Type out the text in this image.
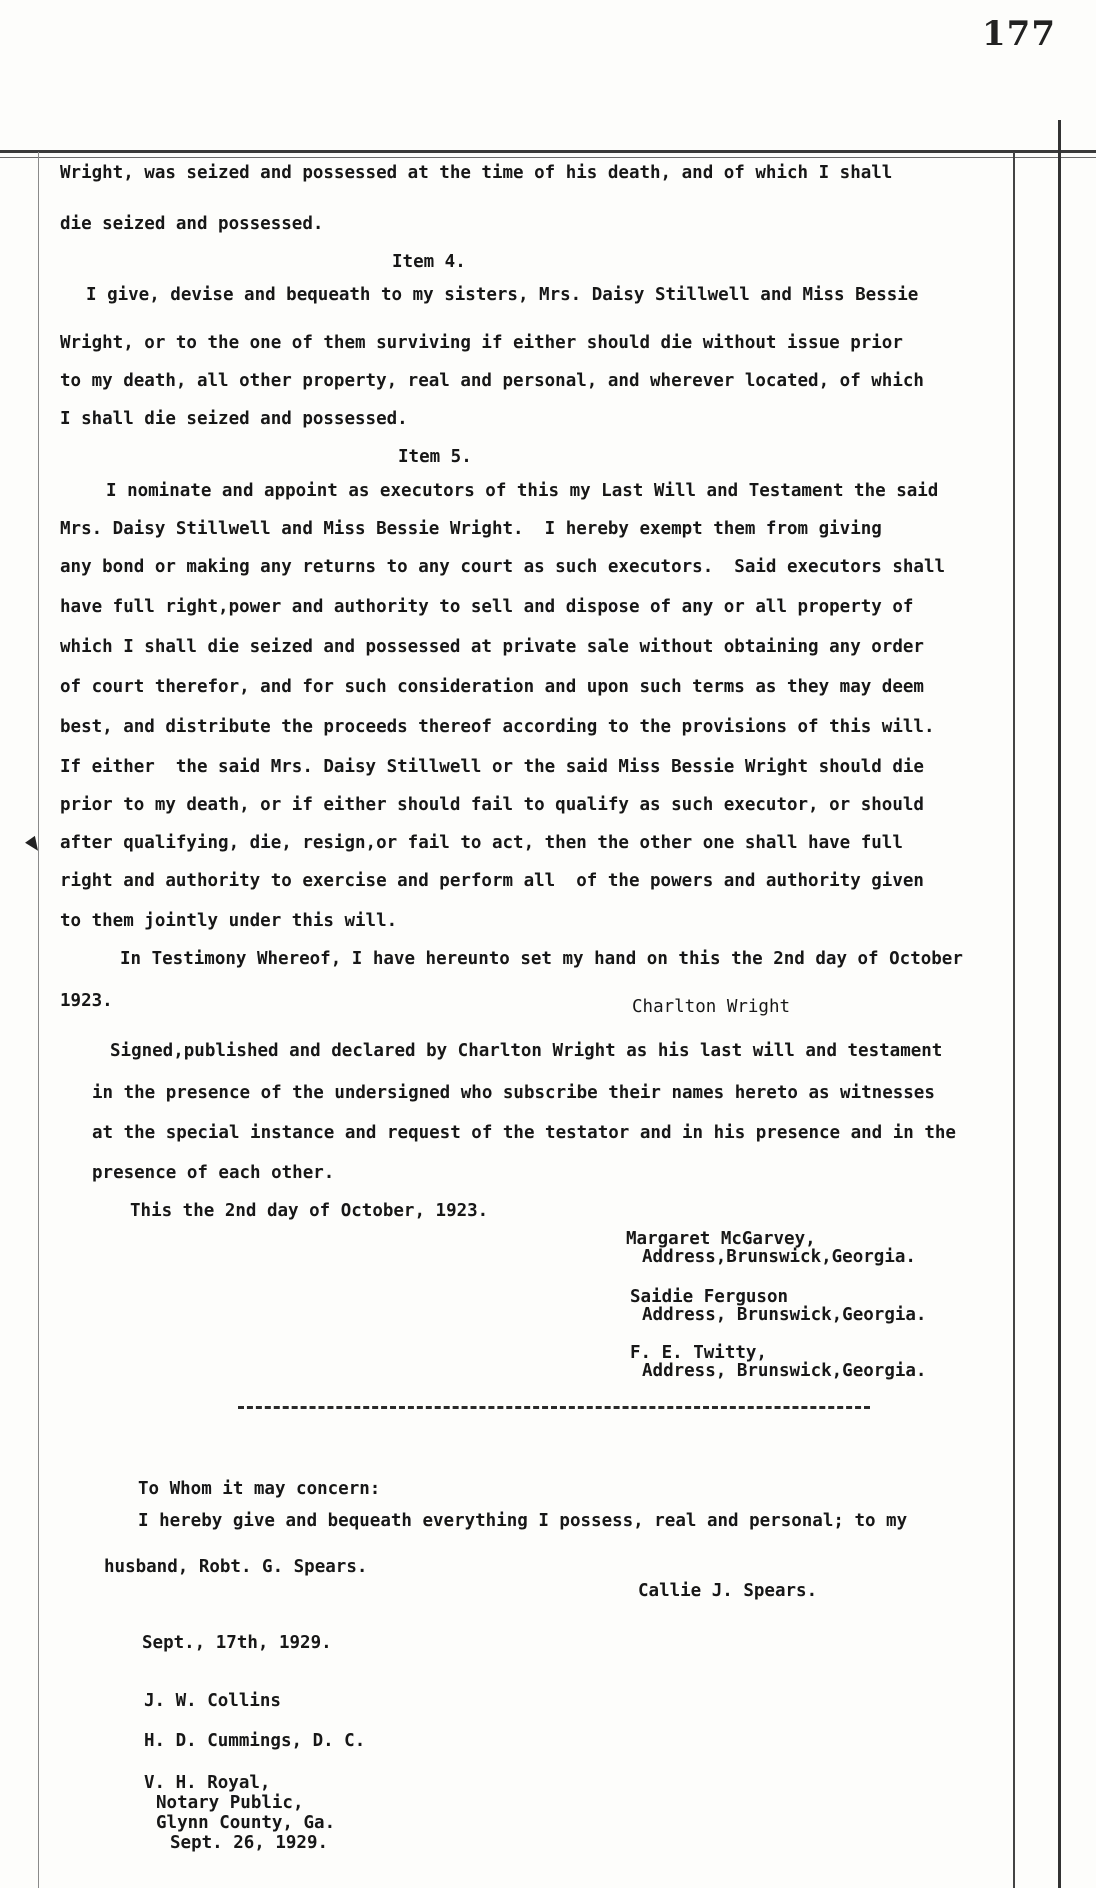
177
Wright, was seized and possessed at the time of his death, and of which I shall
die seized and possessed.
Item 4.
I give, devise and bequeath to my sisters, Mrs. Daisy Stillwell and Miss Bessie
Wright, or to the one of them surviving if either should die without issue prior
to my death, all other property, real and personal, and wherever located, of which
I shall die seized and possessed.
Item 5.
I nominate and appoint as executors of this my Last Will and Testament the said
Mrs. Daisy Stillwell and Miss Bessie Wright.  I hereby exempt them from giving
any bond or making any returns to any court as such executors.  Said executors shall
have full right,power and authority to sell and dispose of any or all property of
which I shall die seized and possessed at private sale without obtaining any order
of court therefor, and for such consideration and upon such terms as they may deem
best, and distribute the proceeds thereof according to the provisions of this will.
If either  the said Mrs. Daisy Stillwell or the said Miss Bessie Wright should die
prior to my death, or if either should fail to qualify as such executor, or should
after qualifying, die, resign,or fail to act, then the other one shall have full
right and authority to exercise and perform all  of the powers and authority given
to them jointly under this will.
In Testimony Whereof, I have hereunto set my hand on this the 2nd day of October
1923.	Charlton Wright
Signed,published and declared by Charlton Wright as his last will and testament
in the presence of the undersigned who subscribe their names hereto as witnesses
at the special instance and request of the testator and in his presence and in the
presence of each other.
This the 2nd day of October, 1923.
Margaret McGarvey,
Address,Brunswick,Georgia.
Saidie Ferguson
Address, Brunswick,Georgia.
F. E. Twitty,
Address, Brunswick,Georgia.
To Whom it may concern:
I hereby give and bequeath everything I possess, real and personal; to my
husband, Robt. G. Spears.
Callie J. Spears.
Sept., 17th, 1929.
J. W. Collins
H. D. Cummings, D. C.
V. H. Royal,
Notary Public,
Glynn County, Ga.
Sept. 26, 1929.
